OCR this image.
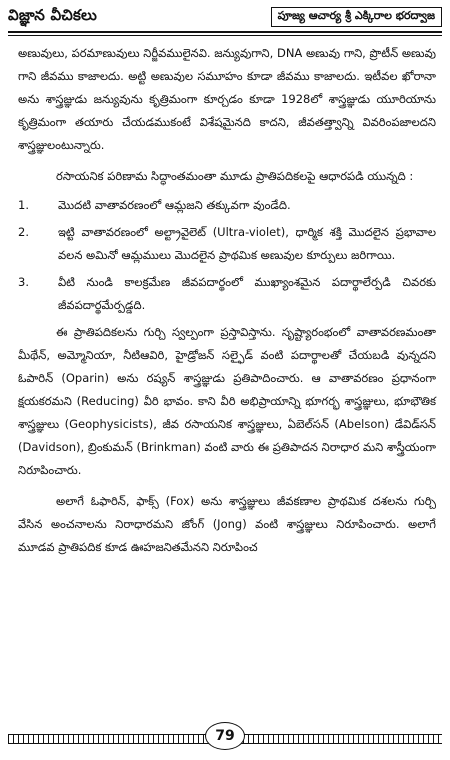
విజ్ఞాన వీచికలు	పూజ్య ఆచార్య శ్రీ ఎక్కిరాల భరద్వాజ

అణువులు, పరమాణువులు నిర్జీవములైనవి. జన్యువుగాని, DNA అణువు గాని, ప్రొటీన్ అణువు గాని జీవము కాజాలదు. అట్టి అణువుల సమూహం కూడా జీవము కాజాలదు. ఇటీవల ఖోరానా అను శాస్త్రజ్ఞుడు జన్యువును కృత్రిమంగా కూర్చడం కూడా 1928లో శాస్త్రజ్ఞుడు యూరియాను కృత్రిమంగా తయారు చేయడముకంటే విశేషమైనది కాదని, జీవతత్త్వాన్ని వివరింపజాలదని శాస్త్రజ్ఞులంటున్నారు.

రసాయనిక పరిణామ సిద్ధాంతమంతా మూడు ప్రాతిపదికలపై ఆధారపడి యున్నది :

1.	మొదటి వాతావరణంలో ఆమ్లజని తక్కువగా వుండేది.
2.	ఇట్టి వాతావరణంలో అల్ట్రావైలెట్ (Ultra-violet), ధార్మిక శక్తి మొదలైన ప్రభావాల వలన అమినో ఆమ్లములు మొదలైన ప్రాథమిక అణువుల కూర్పులు జరిగాయి.
3.	వీటి నుండి కాలక్రమేణ జీవపదార్థంలో ముఖ్యాంశమైన పదార్థాలేర్పడి చివరకు జీవపదార్థమేర్పడ్డది.

ఈ ప్రాతిపదికలను గుర్చి స్వల్పంగా ప్రస్తావిస్తాను. సృష్ట్యారంభంలో వాతావరణమంతా మీథేన్, అమ్మోనియా, నీటిఆవిరి, హైడ్రోజన్ సల్ఫైడ్ వంటి పదార్థాలతో చేయబడి వున్నదని ఓపారిన్ (Oparin) అను రష్యన్ శాస్త్రజ్ఞుడు ప్రతిపాదించారు. ఆ వాతావరణం ప్రధానంగా క్షయకరమని (Reducing) వీరి భావం. కాని వీరి అభిప్రాయాన్ని భూగర్భ శాస్త్రజ్ఞులు, భూభౌతిక శాస్త్రజ్ఞులు (Geophysicists), జీవ రసాయనిక శాస్త్రజ్ఞులు, ఏబెల్‌సన్ (Abelson) డేవిడ్‌సన్ (Davidson), బ్రింకుమన్ (Brinkman) వంటి వారు ఈ ప్రతిపాదన నిరాధార మని శాస్త్రీయంగా నిరూపించారు.

అలాగే ఓఫారిన్, ఫాక్స్ (Fox) అను శాస్త్రజ్ఞులు జీవకణాల ప్రాథమిక దశలను గుర్చి వేసిన అంచనాలను నిరాధారమని జోంగ్ (Jong) వంటి శాస్త్రజ్ఞులు నిరూపించారు. అలాగే మూడవ ప్రాతిపదిక కూడ ఊహజనితమేనని నిరూపించ

79
